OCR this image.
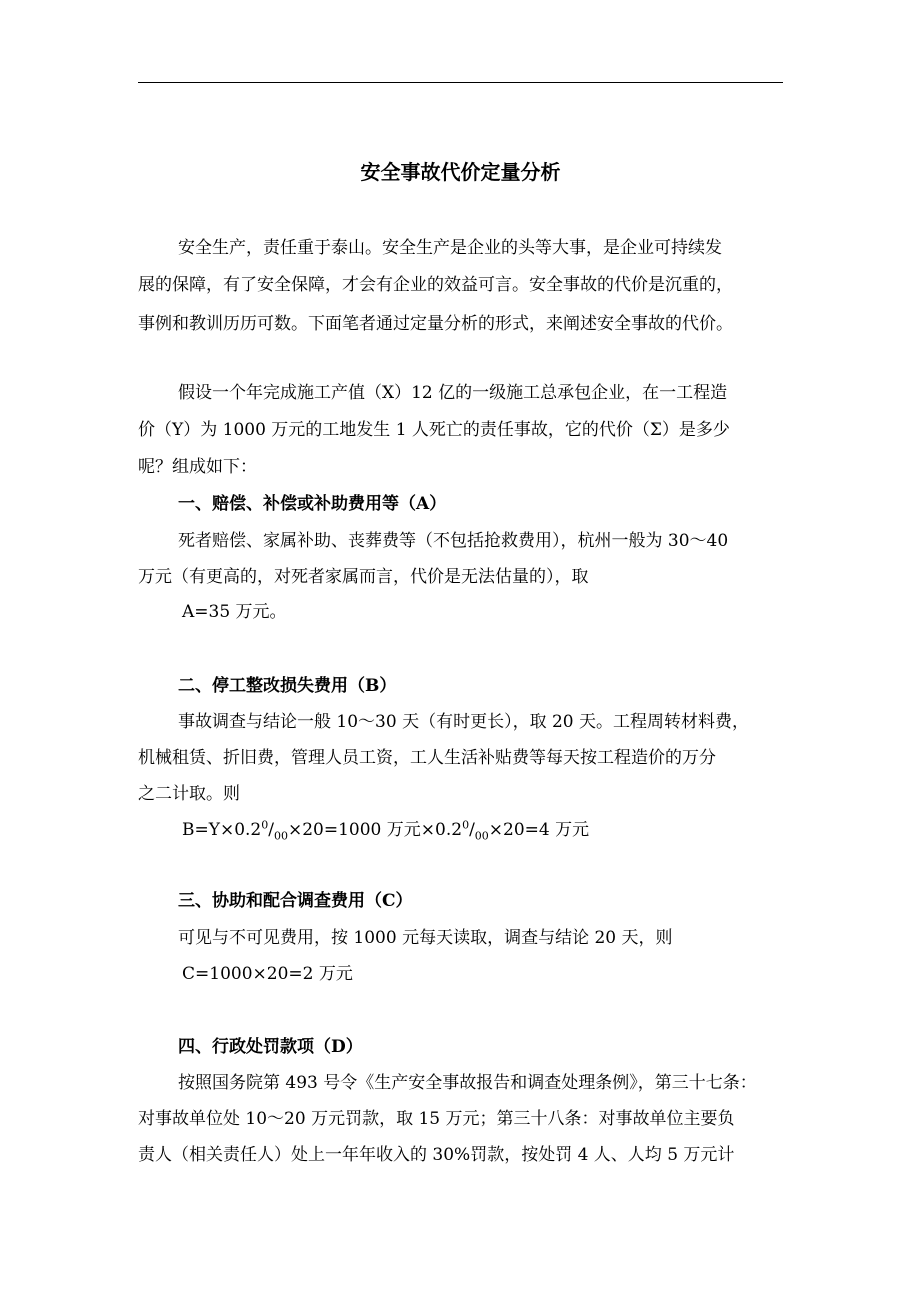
安全事故代价定量分析
安全生产，责任重于泰山。安全生产是企业的头等大事，是企业可持续发
展的保障，有了安全保障，才会有企业的效益可言。安全事故的代价是沉重的，
事例和教训历历可数。下面笔者通过定量分析的形式，来阐述安全事故的代价。
假设一个年完成施工产值（X）12 亿的一级施工总承包企业，在一工程造
价（Y）为 1000 万元的工地发生 1 人死亡的责任事故，它的代价（Σ）是多少
呢？组成如下：
一、赔偿、补偿或补助费用等（A）
死者赔偿、家属补助、丧葬费等（不包括抢救费用），杭州一般为 30～40
万元（有更高的，对死者家属而言，代价是无法估量的），取
A=35 万元。
二、停工整改损失费用（B）
事故调查与结论一般 10～30 天（有时更长），取 20 天。工程周转材料费，
机械租赁、折旧费，管理人员工资，工人生活补贴费等每天按工程造价的万分
之二计取。则
$B=Y\times 0.2^0/_{00}\times 20=1000$ 万元$\times 0.2^0/_{00}\times 20=4$ 万元
三、协助和配合调查费用（C）
可见与不可见费用，按 1000 元每天读取，调查与结论 20 天，则
C=1000×20=2 万元
四、行政处罚款项（D）
按照国务院第 493 号令《生产安全事故报告和调查处理条例》，第三十七条：
对事故单位处 10～20 万元罚款，取 15 万元；第三十八条：对事故单位主要负
责人（相关责任人）处上一年年收入的 30%罚款，按处罚 4 人、人均 5 万元计
